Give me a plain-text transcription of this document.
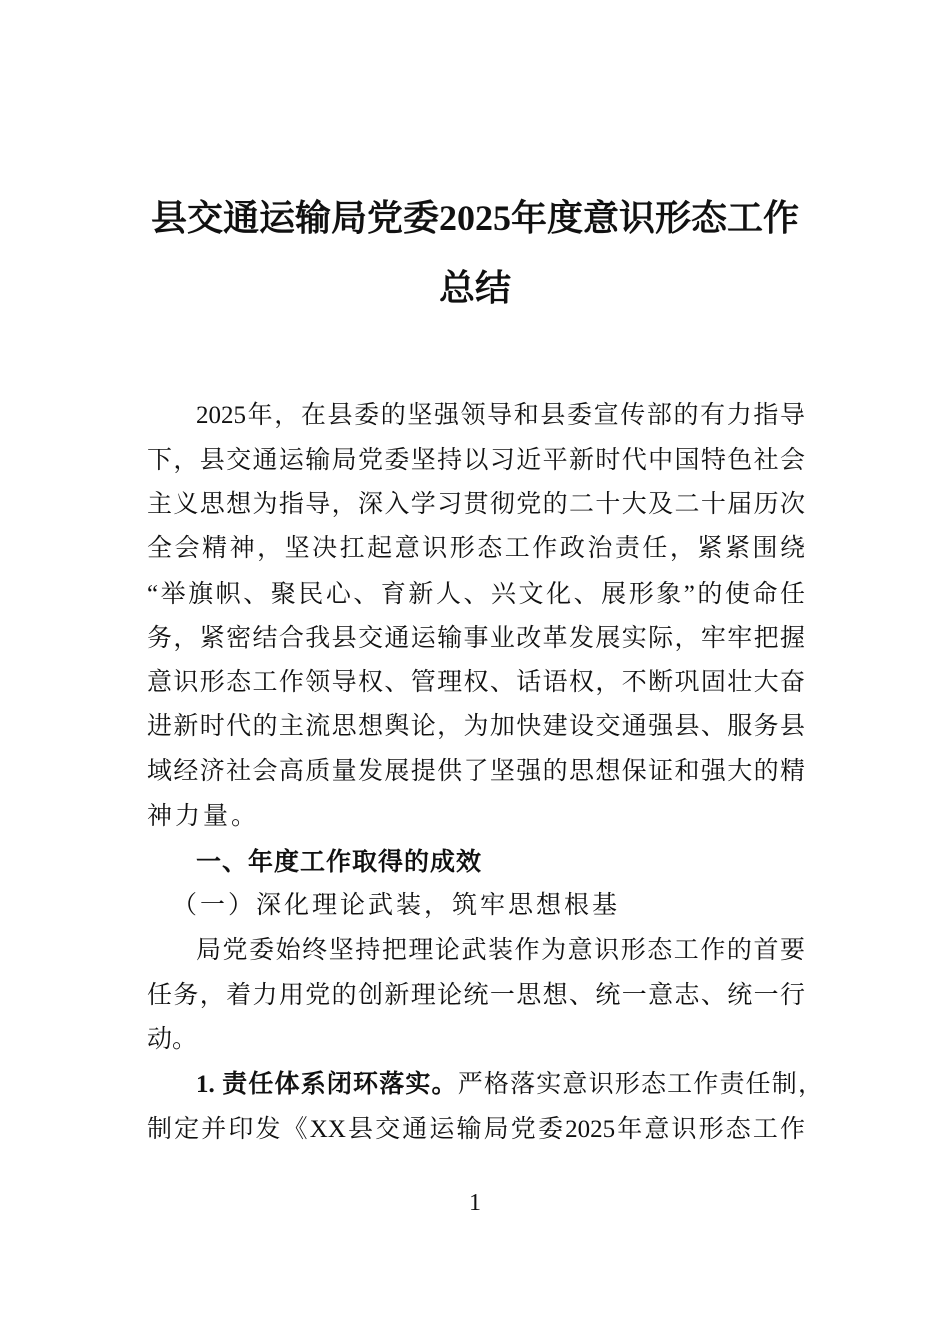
县交通运输局党委2025年度意识形态工作
总结
2025年，在县委的坚强领导和县委宣传部的有力指导
下，县交通运输局党委坚持以习近平新时代中国特色社会
主义思想为指导，深入学习贯彻党的二十大及二十届历次
全会精神，坚决扛起意识形态工作政治责任，紧紧围绕
“举旗帜、聚民心、育新人、兴文化、展形象”的使命任
务，紧密结合我县交通运输事业改革发展实际，牢牢把握
意识形态工作领导权、管理权、话语权，不断巩固壮大奋
进新时代的主流思想舆论，为加快建设交通强县、服务县
域经济社会高质量发展提供了坚强的思想保证和强大的精
神力量。
一、年度工作取得的成效
（一）深化理论武装，筑牢思想根基
局党委始终坚持把理论武装作为意识形态工作的首要
任务，着力用党的创新理论统一思想、统一意志、统一行
动。
1. 责任体系闭环落实。严格落实意识形态工作责任制，
制定并印发《XX县交通运输局党委2025年意识形态工作
1
